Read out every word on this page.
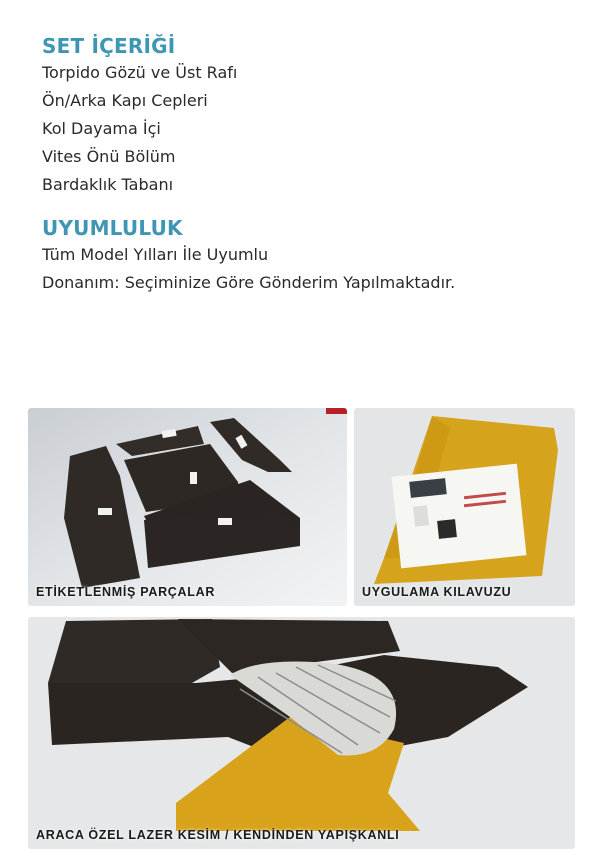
SET İÇERİĞİ

Torpido Gözü ve Üst Rafı

Ön/Arka Kapı Cepleri

Kol Dayama İçi

Vites Önü Bölüm

Bardaklık Tabanı

UYUMLULUK

Tüm Model Yılları İle Uyumlu

Donanım: Seçiminize Göre Gönderim Yapılmaktadır.

ETİKETLENMİŞ PARÇALAR	UYGULAMA KILAVUZU
ARACA ÖZEL LAZER KESİM / KENDİNDEN YAPIŞKANLI
